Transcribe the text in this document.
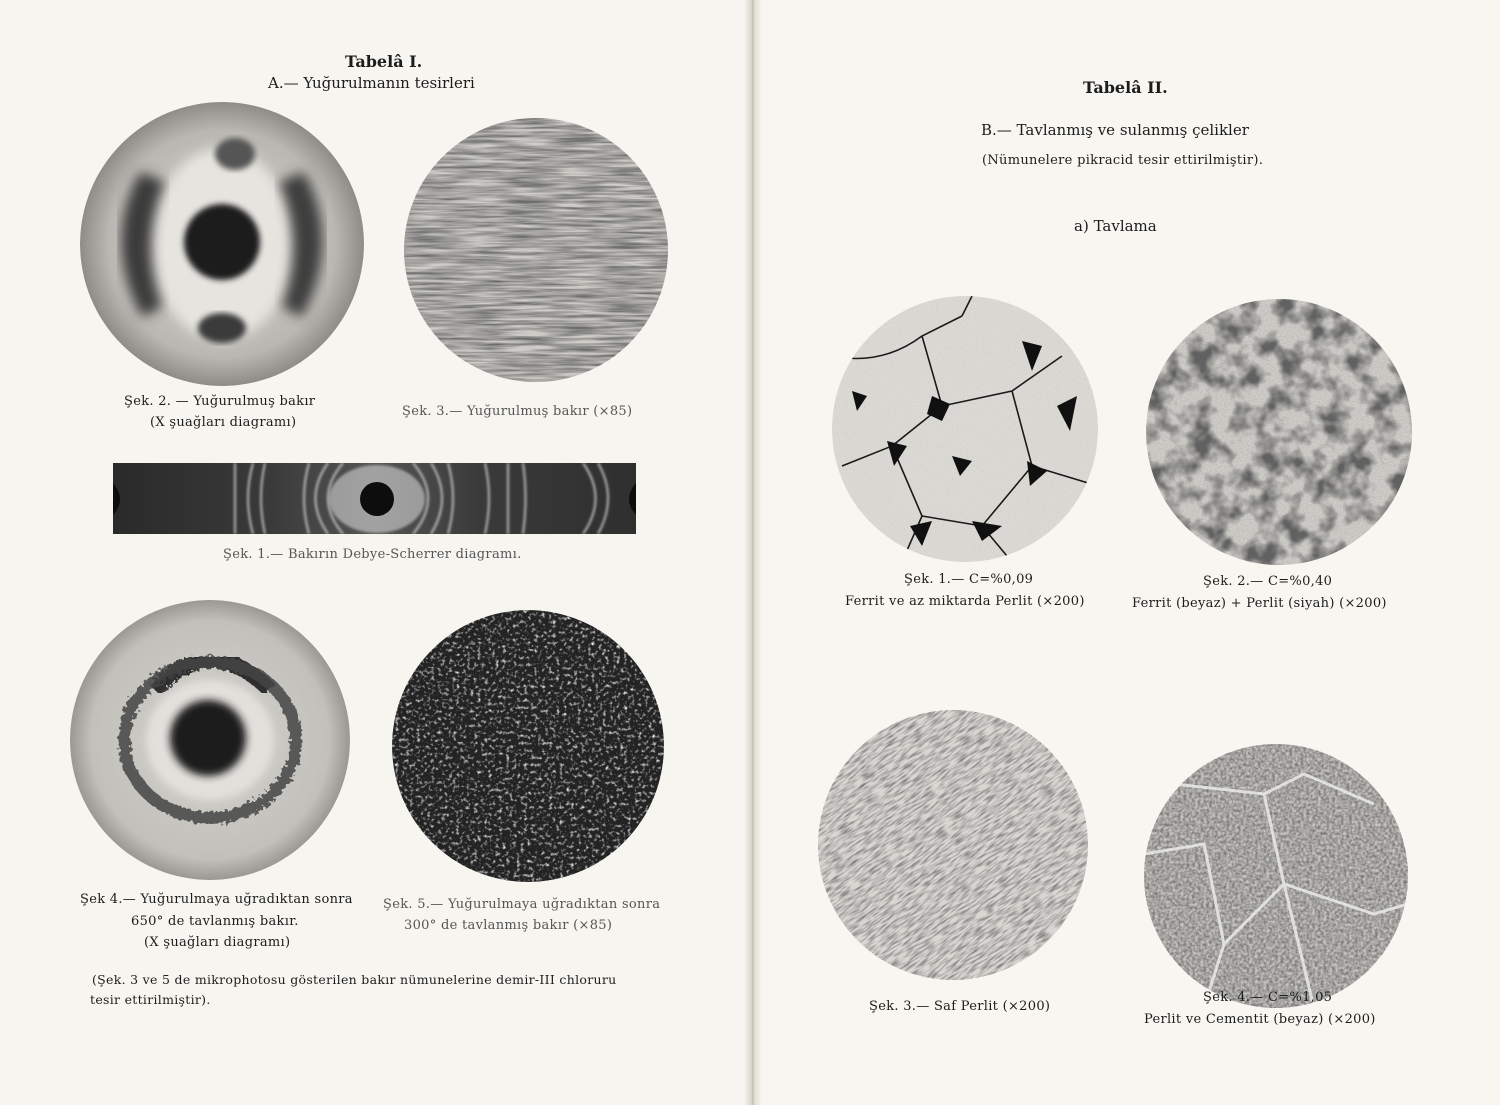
Tabelâ I.
A.— Yuğurulmanın tesirleri
Şek. 2. — Yuğurulmuş bakır
(X şuağları diagramı)
Şek. 3.— Yuğurulmuş bakır (×85)
Şek. 1.— Bakırın Debye-Scherrer diagramı.
Şek 4.— Yuğurulmaya uğradıktan sonra
650° de tavlanmış bakır.
(X şuağları diagramı)
Şek. 5.— Yuğurulmaya uğradıktan sonra
300° de tavlanmış bakır (×85)
(Şek. 3 ve 5 de mikrophotosu gösterilen bakır nümunelerine demir-III chloruru
tesir ettirilmiştir).
Tabelâ II.
B.— Tavlanmış ve sulanmış çelikler
(Nümunelere pikracid tesir ettirilmiştir).
a) Tavlama
Şek. 1.— C=%0,09
Ferrit ve az miktarda Perlit (×200)
Şek. 2.— C=%0,40
Ferrit (beyaz) + Perlit (siyah) (×200)
Şek. 3.— Saf Perlit (×200)
Şek. 4.— C=%1,05
Perlit ve Cementit (beyaz) (×200)
